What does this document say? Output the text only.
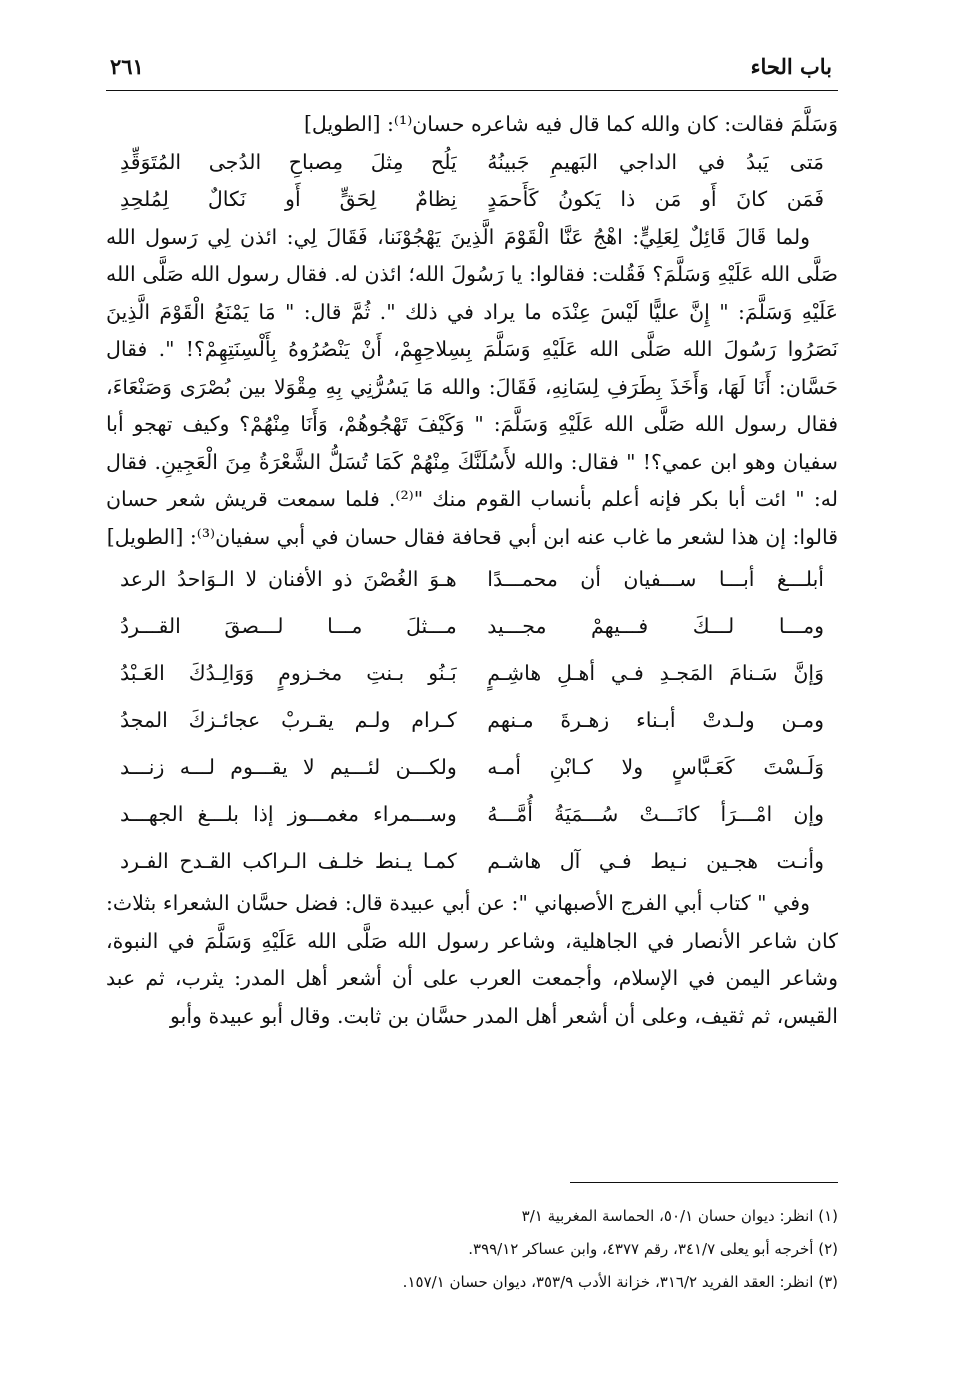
باب الحاء
٢٦١

وَسَلَّمَ فقالت: كان والله كما قال فيه شاعره حسان⁽¹⁾: [الطويل]

مَتى يَبدُ في الداجي البَهيمِ جَبينُهُ
يَلُح مِثلَ مِصباحِ الدُجى المُتَوَقِّدِ
فَمَن كانَ أَو مَن ذا يَكونُ كَأَحمَدٍ
نِظامٌ لِحَقٍّ أَو نَكالٌ لِمُلحِدِ

ولما قَالَ قَائِلٌ لِعَلِيٍّ: اهْجُ عَنَّا الْقَوْمَ الَّذِينَ يَهْجُوْنَنا، فَقَالَ لِي: ائذن لِي رَسول الله صَلَّى الله عَلَيْهِ وَسَلَّمَ؟ فَقُلت: فقالوا: يا رَسُولَ الله؛ ائذن له. فقال رسول الله صَلَّى الله عَلَيْهِ وَسَلَّمَ: " إِنَّ عليًّا لَيْسَ عِنْدَه ما يراد في ذلك ". ثُمَّ قال: " مَا يَمْنَعُ الْقَوْمَ الَّذِينَ نَصَرُوا رَسُولَ الله صَلَّى الله عَلَيْهِ وَسَلَّمَ بِسِلاحِهِمْ، أَنْ يَنْصُرُوهُ بِأَلْسِنَتِهِمْ؟! ". فقال حَسَّان: أَنَا لَهَا، وَأَخَذَ بِطَرَفِ لِسَانِهِ، فَقَالَ: والله مَا يَسُرُّنِي بِهِ مِقْوَلا بين بُصْرَى وَصَنْعَاءَ، فقال رسول الله صَلَّى الله عَلَيْهِ وَسَلَّمَ: " وَكَيْفَ تَهْجُوهُمْ، وَأَنَا مِنْهُمْ؟ وكيف تهجو أبا سفيان وهو ابن عمي؟! " فقال: والله لأَسُلَنَّكَ مِنْهُمْ كَمَا تُسَلُّ الشَّعْرَةُ مِنَ الْعَجِينِ. فقال له: " ائت أبا بكر فإنه أعلم بأنساب القوم منك "⁽²⁾. فلما سمعت قريش شعر حسان قالوا: إن هذا لشعر ما غاب عنه ابن أبي قحافة فقال حسان في أبي سفيان⁽³⁾: [الطويل]

أبلـــغ أبـــا ســـفيان أن محمـــدًا
هـوَ الغُصْنَ ذو الأفنان لا الـوَاحدُ الرعد
ومـــا لـــكَ فـــيهمْ مجـــيد
مـــثلَ مـــا لـــصقَ القـــردُ
وَإنَّ سَـنامَ المَجـدِ فـي أهـلِ هاشِـمٍ
بَـنُو بـنتِ مخـزومٍ وَوَالِـدُكَ العَـبْدُ
ومـن ولـدتْ أبـناء زهـرةَ مـنهم
كـرام ولـم يقـربْ عجائـزكَ المجدُ
وَلَـسْتَ كَعَـبَّاسٍ ولا كـابْنِ أمـه
ولكـــن لئـــيم لا يقـــوم لـــه زنـــد
وإن امْـــرَأ كانَـــتْ سُـــمَيَةُ أُمَّـــهُ
وســـمراء مغمـــوز إذا بلـــغ الجهـــد
وأنـت هجـين نـيط فـي آل هاشـم
كمـا يـنط خلـف الـراكب القـدح الفـرد

وفي " كتاب أبي الفرج الأصبهاني ": عن أبي عبيدة قال: فضل حسَّان الشعراء بثلاث: كان شاعر الأنصار في الجاهلية، وشاعر رسول الله صَلَّى الله عَلَيْهِ وَسَلَّمَ في النبوة، وشاعر اليمن في الإسلام، وأجمعت العرب على أن أشعر أهل المدر: يثرب، ثم عبد القيس، ثم ثقيف، وعلى أن أشعر أهل المدر حسَّان بن ثابت. وقال أبو عبيدة وأبو

(١) انظر: ديوان حسان ٥٠/١، الحماسة المغربية ٣/١

(٢) أخرجه أبو يعلى ٣٤١/٧، رقم ٤٣٧٧، وابن عساكر ٣٩٩/١٢.

(٣) انظر: العقد الفريد ٣١٦/٢، خزانة الأدب ٣٥٣/٩، ديوان حسان ١٥٧/١.
